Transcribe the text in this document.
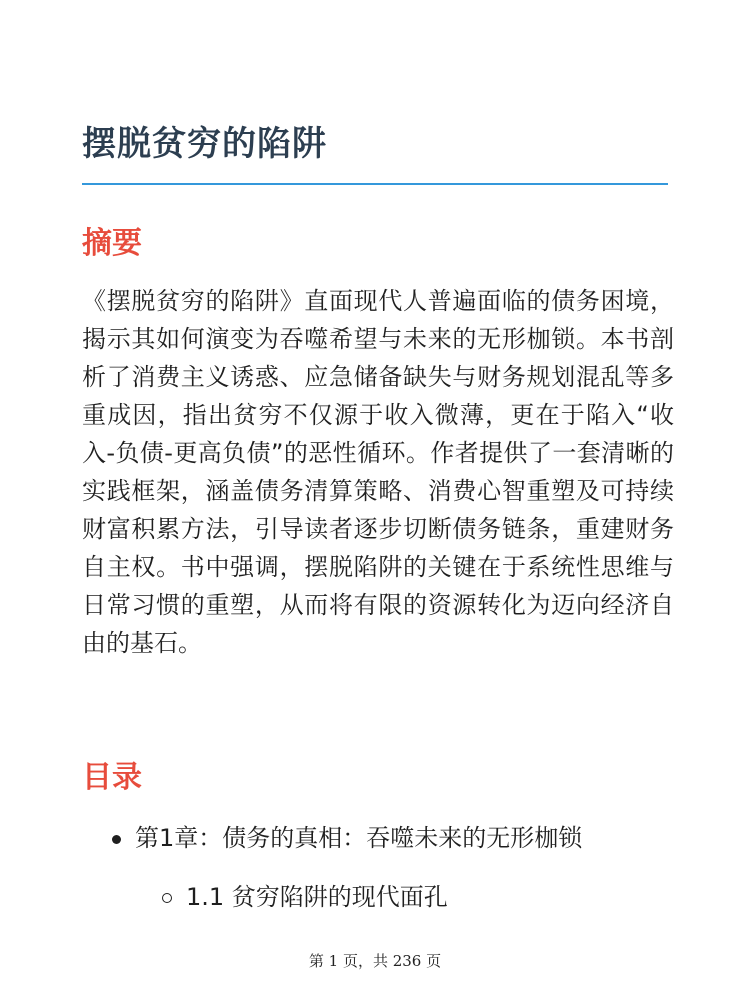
摆脱贫穷的陷阱
摘要

《摆脱贫穷的陷阱》直面现代人普遍面临的债务困境，揭示其如何演变为吞噬希望与未来的无形枷锁。本书剖析了消费主义诱惑、应急储备缺失与财务规划混乱等多重成因，指出贫穷不仅源于收入微薄，更在于陷入“收入-负债-更高负债”的恶性循环。作者提供了一套清晰的实践框架，涵盖债务清算策略、消费心智重塑及可持续财富积累方法，引导读者逐步切断债务链条，重建财务自主权。书中强调，摆脱陷阱的关键在于系统性思维与日常习惯的重塑，从而将有限的资源转化为迈向经济自由的基石。

目录
第1章：债务的真相：吞噬未来的无形枷锁
1.1 贫穷陷阱的现代面孔
第 1 页，共 236 页
